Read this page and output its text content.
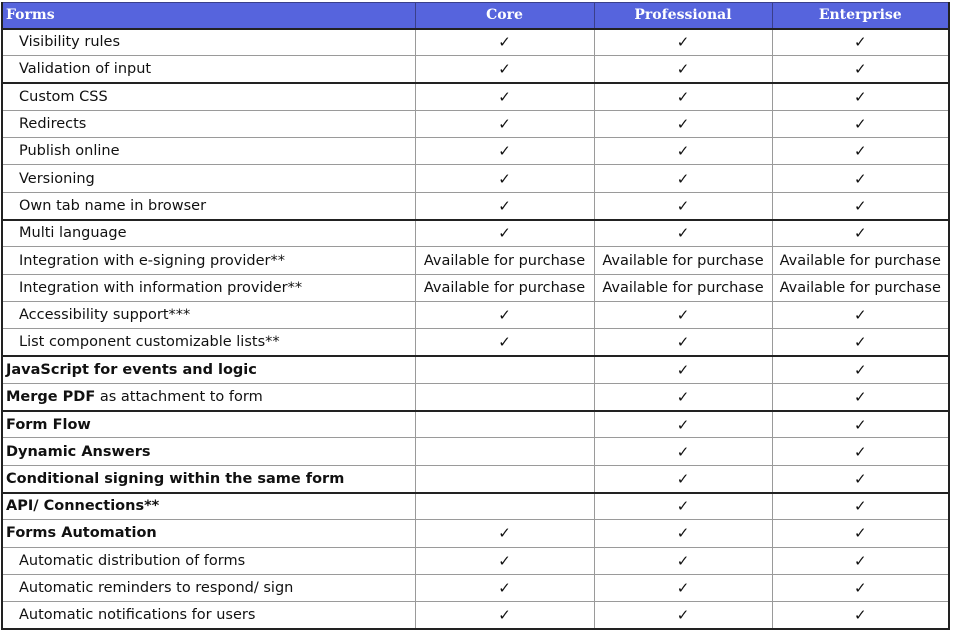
Forms	Core	Professional	Enterprise
Visibility rules	✓	✓	✓
Validation of input	✓	✓	✓
Custom CSS	✓	✓	✓
Redirects	✓	✓	✓
Publish online	✓	✓	✓
Versioning	✓	✓	✓
Own tab name in browser	✓	✓	✓
Multi language	✓	✓	✓
Integration with e-signing provider**	Available for purchase	Available for purchase	Available for purchase
Integration with information provider**	Available for purchase	Available for purchase	Available for purchase
Accessibility support***	✓	✓	✓
List component customizable lists**	✓	✓	✓
JavaScript for events and logic		✓	✓
Merge PDF as attachment to form		✓	✓
Form Flow		✓	✓
Dynamic Answers		✓	✓
Conditional signing within the same form		✓	✓
API/ Connections**		✓	✓
Forms Automation	✓	✓	✓
Automatic distribution of forms	✓	✓	✓
Automatic reminders to respond/ sign	✓	✓	✓
Automatic notifications for users	✓	✓	✓
